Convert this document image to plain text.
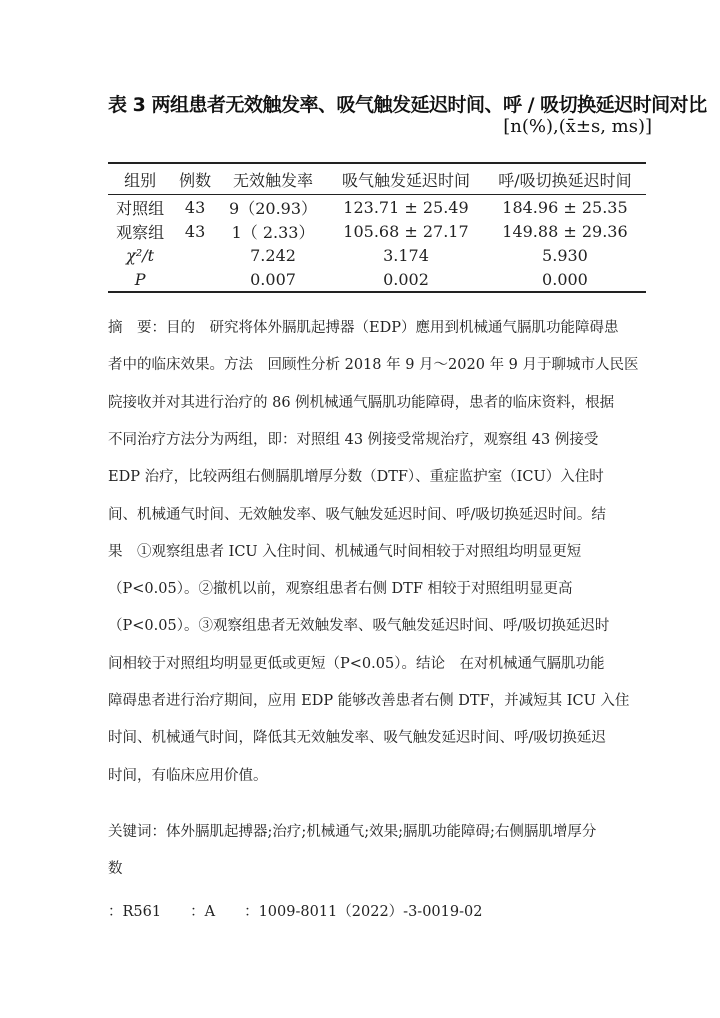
表 3 两组患者无效触发率、吸气触发延迟时间、呼 / 吸切换延迟时间对比
[n(%),(x̄±s, ms)]
组别	例数	无效触发率	吸气触发延迟时间	呼/吸切换延迟时间
对照组	43	9（20.93）	123.71 ± 25.49	184.96 ± 25.35
观察组	43	1（ 2.33）	105.68 ± 27.17	149.88 ± 29.36
χ²/t		7.242	3.174	5.930
P		0.007	0.002	0.000
摘　要：目的　研究将体外膈肌起搏器（EDP）應用到机械通气膈肌功能障碍患
者中的临床效果。方法　回顾性分析 2018 年 9 月～2020 年 9 月于聊城市人民医
院接收并对其进行治疗的 86 例机械通气膈肌功能障碍，患者的临床资料，根据
不同治疗方法分为两组，即：对照组 43 例接受常规治疗，观察组 43 例接受
EDP 治疗，比较两组右侧膈肌增厚分数（DTF）、重症监护室（ICU）入住时
间、机械通气时间、无效触发率、吸气触发延迟时间、呼/吸切换延迟时间。结
果　①观察组患者 ICU 入住时间、机械通气时间相较于对照组均明显更短
（P<0.05）。②撤机以前，观察组患者右侧 DTF 相较于对照组明显更高
（P<0.05）。③观察组患者无效触发率、吸气触发延迟时间、呼/吸切换延迟时
间相较于对照组均明显更低或更短（P<0.05）。结论　在对机械通气膈肌功能
障碍患者进行治疗期间，应用 EDP 能够改善患者右侧 DTF，并减短其 ICU 入住
时间、机械通气时间，降低其无效触发率、吸气触发延迟时间、呼/吸切换延迟
时间，有临床应用价值。
关键词：体外膈肌起搏器;治疗;机械通气;效果;膈肌功能障碍;右侧膈肌增厚分
数
：R561　　：A　　：1009-8011（2022）-3-0019-02
